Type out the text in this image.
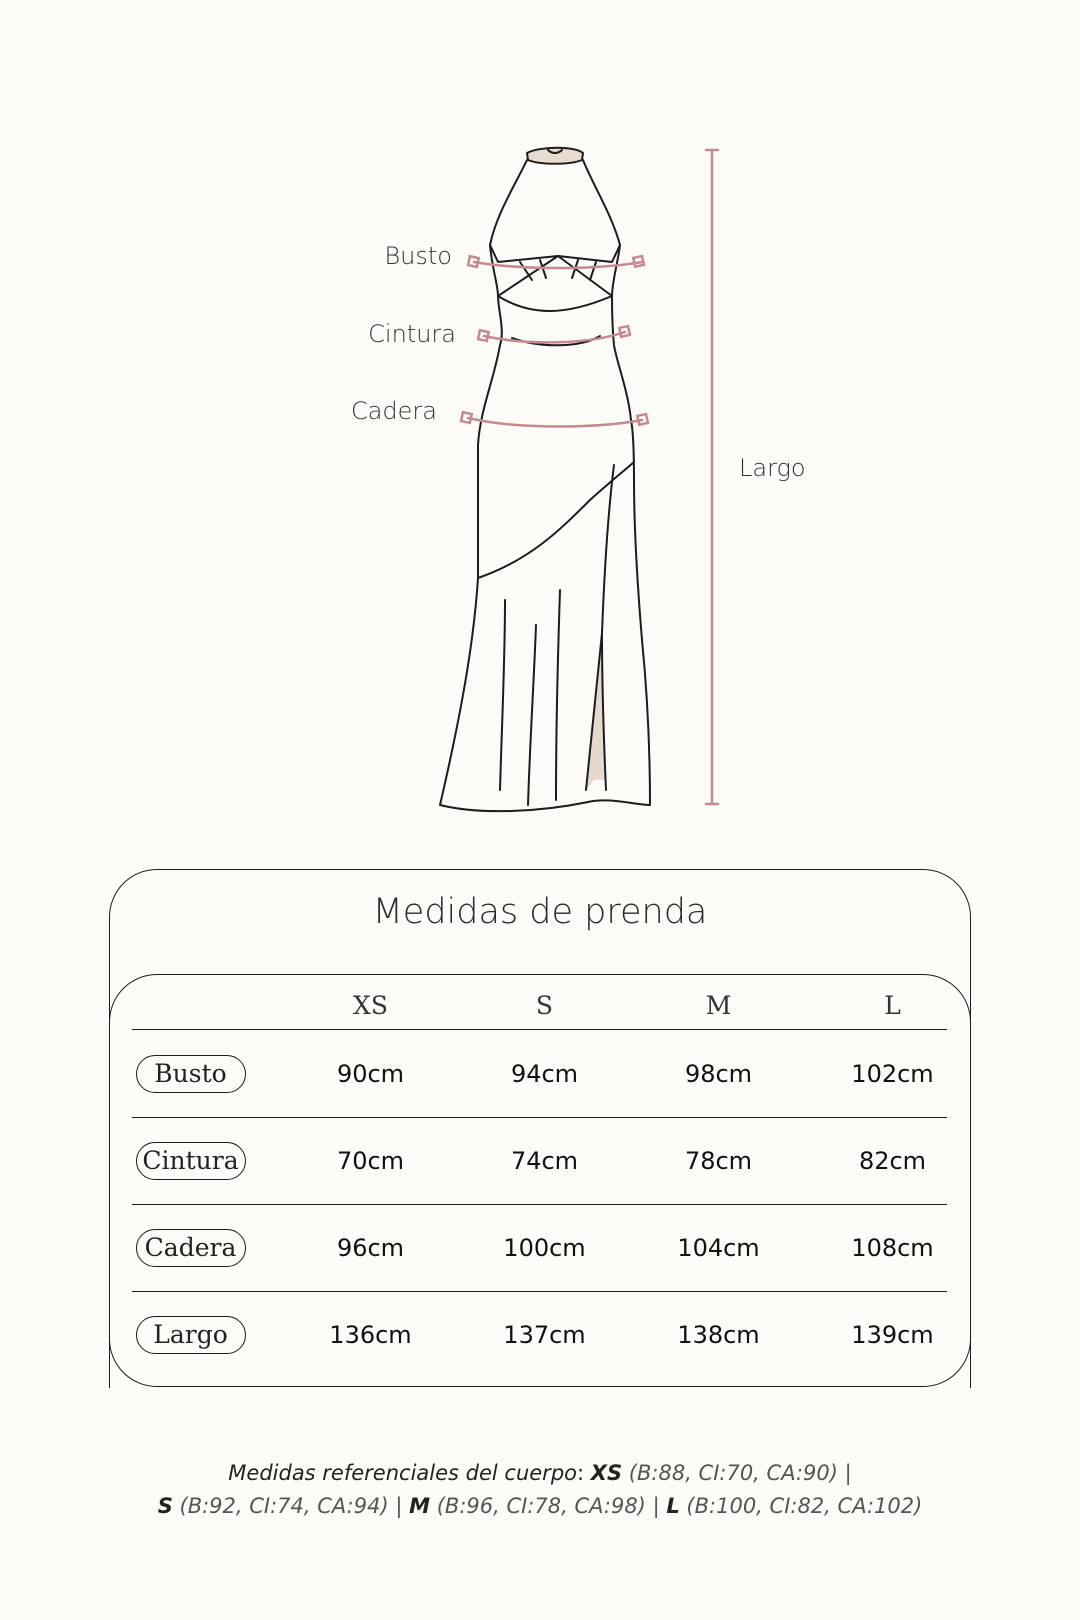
Busto
Cintura
Cadera
Largo
Medidas de prenda
XS	S	M	L
Busto	90cm	94cm	98cm	102cm
Cintura	70cm	74cm	78cm	82cm
Cadera	96cm	100cm	104cm	108cm
Largo	136cm	137cm	138cm	139cm
Medidas referenciales del cuerpo: XS (B:88, CI:70, CA:90) |
S (B:92, CI:74, CA:94) | M (B:96, CI:78, CA:98) | L (B:100, CI:82, CA:102)
